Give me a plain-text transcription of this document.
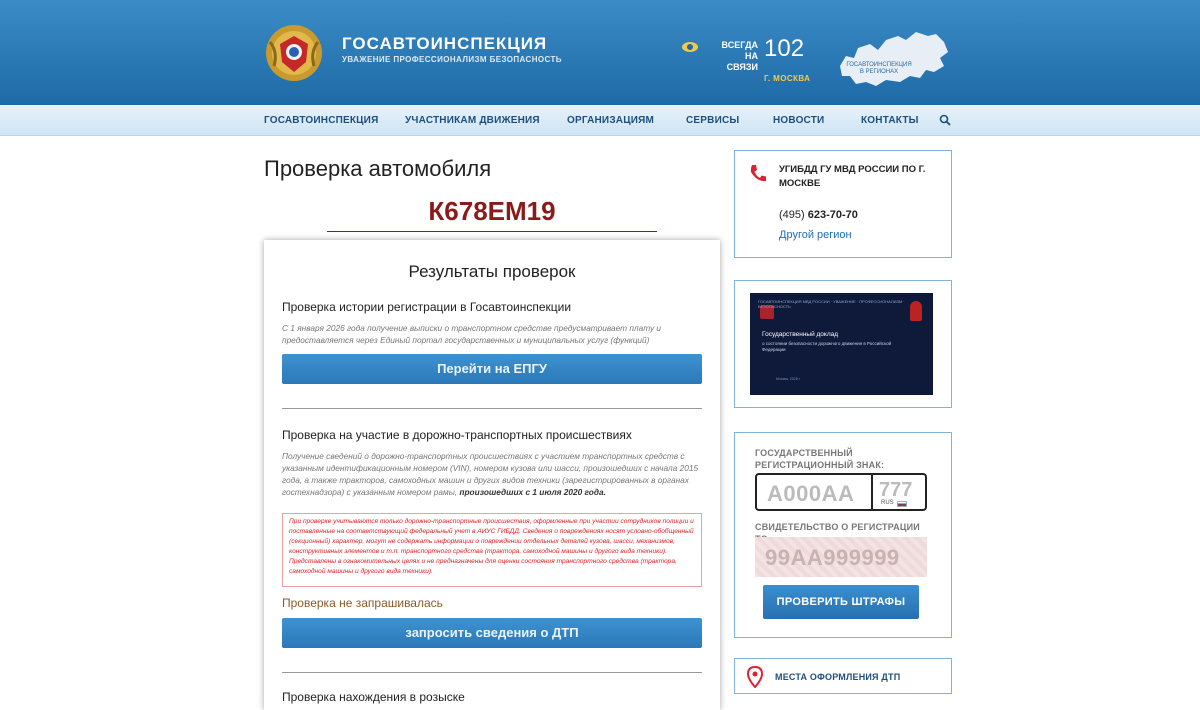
ГОСАВТОИНСПЕКЦИЯ
УВАЖЕНИЕ ПРОФЕССИОНАЛИЗМ БЕЗОПАСНОСТЬ
ВСЕГДА
НА СВЯЗИ
102
Г. МОСКВА
ГОСАВТОИНСПЕКЦИЯ
В РЕГИОНАХ
ГОСАВТОИНСПЕКЦИЯ	УЧАСТНИКАМ ДВИЖЕНИЯ	ОРГАНИЗАЦИЯМ	СЕРВИСЫ	НОВОСТИ	КОНТАКТЫ
Проверка автомобиля
К678ЕМ19
Результаты проверок
Проверка истории регистрации в Госавтоинспекции
С 1 января 2026 года получение выписки о транспортном средстве предусматривает плату и предоставляется через Единый портал государственных и муниципальных услуг (функций)
Перейти на ЕПГУ
Проверка на участие в дорожно-транспортных происшествиях
Получение сведений о дорожно-транспортных происшествиях с участием транспортных средств с указанным идентификационным номером (VIN), номером кузова или шасси, произошедших с начала 2015 года, а также тракторов, самоходных машин и других видов техники (зарегистрированных в органах гостехнадзора) с указанным номером рамы, произошедших с 1 июля 2020 года.
При проверке учитываются только дорожно-транспортные происшествия, оформленные при участии сотрудников полиции и поставленные на соответствующий федеральный учет в АИУС ГИБДД. Сведения о повреждениях носят условно-обобщенный (секционный) характер, могут не содержать информации о повреждении отдельных деталей кузова, шасси, механизмов, конструктивных элементов и т.п. транспортного средства (трактора, самоходной машины и другого вида техники). Представлены в ознакомительных целях и не предназначены для оценки состояния транспортного средства (трактора, самоходной машины и другого вида техники).
Проверка не запрашивалась
запросить сведения о ДТП
Проверка нахождения в розыске
УГИБДД ГУ МВД РОССИИ ПО Г. МОСКВЕ
(495) 623-70-70
Другой регион
ГОСАВТОИНСПЕКЦИЯ МВД РОССИИ · УВАЖЕНИЕ · ПРОФЕССИОНАЛИЗМ · БЕЗОПАСНОСТЬ
Государственный доклад
о состоянии безопасности дорожного движения в Российской Федерации
Москва, 2025 г.
ГОСУДАРСТВЕННЫЙ РЕГИСТРАЦИОННЫЙ ЗНАК:
А000АА 777
RUS
СВИДЕТЕЛЬСТВО О РЕГИСТРАЦИИ
99АА999999
ПРОВЕРИТЬ ШТРАФЫ
МЕСТА ОФОРМЛЕНИЯ ДТП
